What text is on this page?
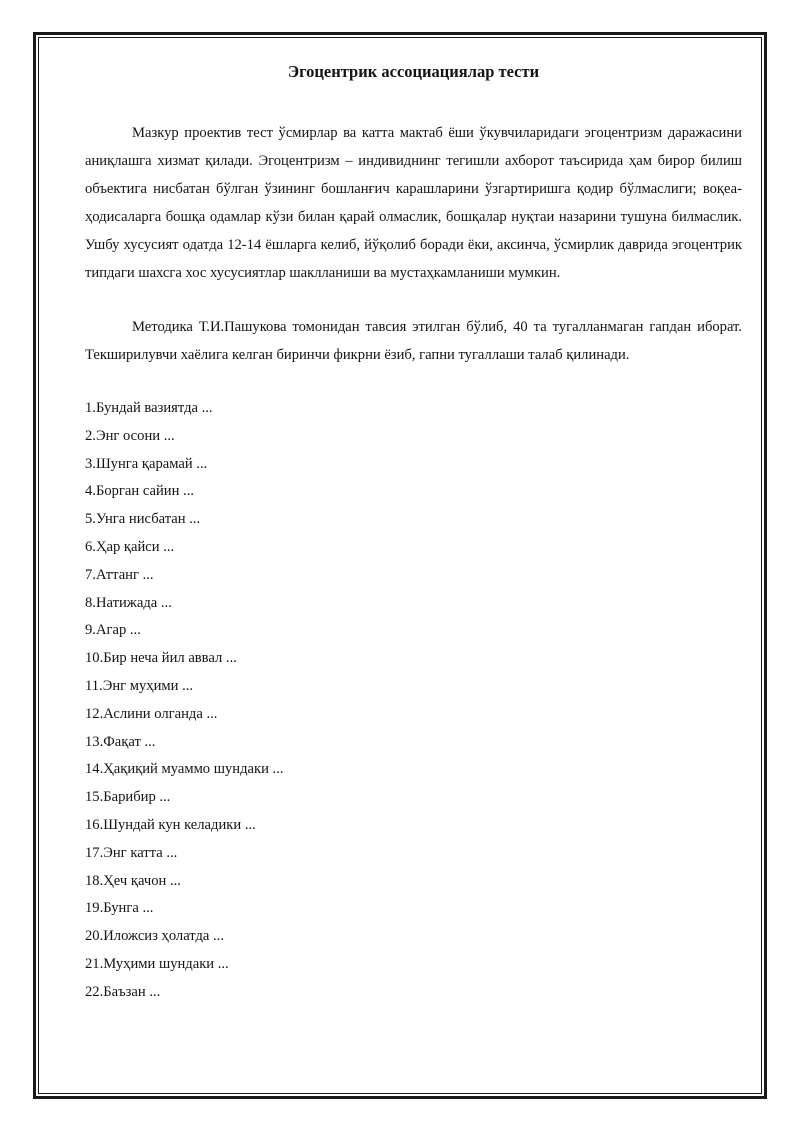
Эгоцентрик ассоциациялар тести

Мазкур проектив тест ўсмирлар ва катта мактаб ёши ўкувчиларидаги эгоцентризм даражасини аниқлашга хизмат қилади. Эгоцентризм – индивиднинг тегишли ахборот таъсирида ҳам бирор билиш объектига нисбатан бўлган ўзининг бошланғич карашларини ўзгартиришга қодир бўлмаслиги; воқеа-ҳодисаларга бошқа одамлар кўзи билан қарай олмаслик, бошқалар нуқтаи назарини тушуна билмаслик. Ушбу хусусият одатда 12-14 ёшларга келиб, йўқолиб боради ёки, аксинча, ўсмирлик даврида эгоцентрик типдаги шахсга хос хусусиятлар шаклланиши ва мустаҳкамланиши мумкин.

Методика Т.И.Пашукова томонидан тавсия этилган бўлиб, 40 та тугалланмаган гапдан иборат. Текширилувчи хаёлига келган биринчи фикрни ёзиб, гапни тугаллаши талаб қилинади.

1.Бундай вазиятда ...
2.Энг осони ...
3.Шунга қарамай ...
4.Борган сайин ...
5.Унга нисбатан ...
6.Ҳар қайси ...
7.Аттанг ...
8.Натижада ...
9.Агар ...
10.Бир неча йил аввал ...
11.Энг муҳими ...
12.Аслини олганда ...
13.Фақат ...
14.Ҳақиқий муаммо шундаки ...
15.Барибир ...
16.Шундай кун келадики ...
17.Энг катта ...
18.Ҳеч қачон ...
19.Бунга ...
20.Иложсиз ҳолатда ...
21.Муҳими шундаки ...
22.Баъзан ...
